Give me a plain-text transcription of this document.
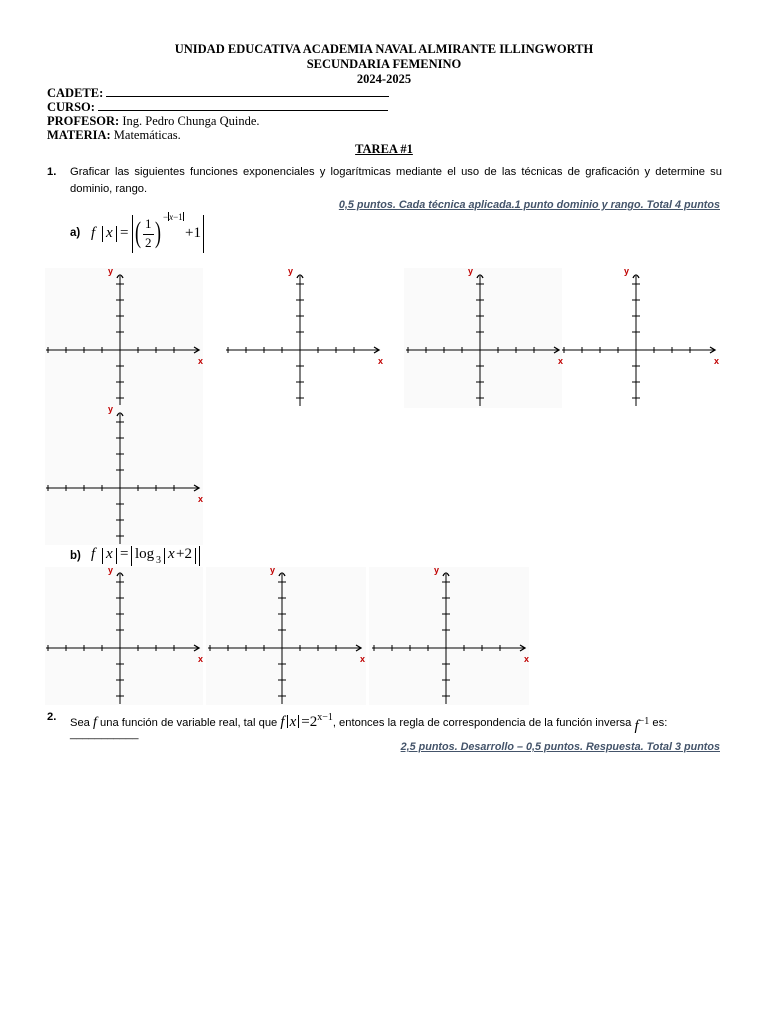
UNIDAD EDUCATIVA ACADEMIA NAVAL ALMIRANTE ILLINGWORTH
SECUNDARIA FEMENINO
2024-2025
CADETE:
CURSO:
PROFESOR: Ing. Pedro Chunga Quinde.
MATERIA: Matemáticas.
TAREA #1
1. Graficar las siguientes funciones exponenciales y logarítmicas mediante el uso de las técnicas de graficación y determine su dominio, rango.
0,5 puntos. Cada técnica aplicada.1 punto dominio y rango. Total 4 puntos
a) f x = ( 1
2 ) −x−1
+1
y
x
y
x
y
x
y
x
y
x
b) f x = log 3 x +2
y
x
y
x
y
x
2. Sea f una función de variable real, tal que f $x =2^{x-1}$, entonces la regla de correspondencia de la función inversa $f^{-1}$ es:
___________
2,5 puntos. Desarrollo – 0,5 puntos. Respuesta. Total 3 puntos
